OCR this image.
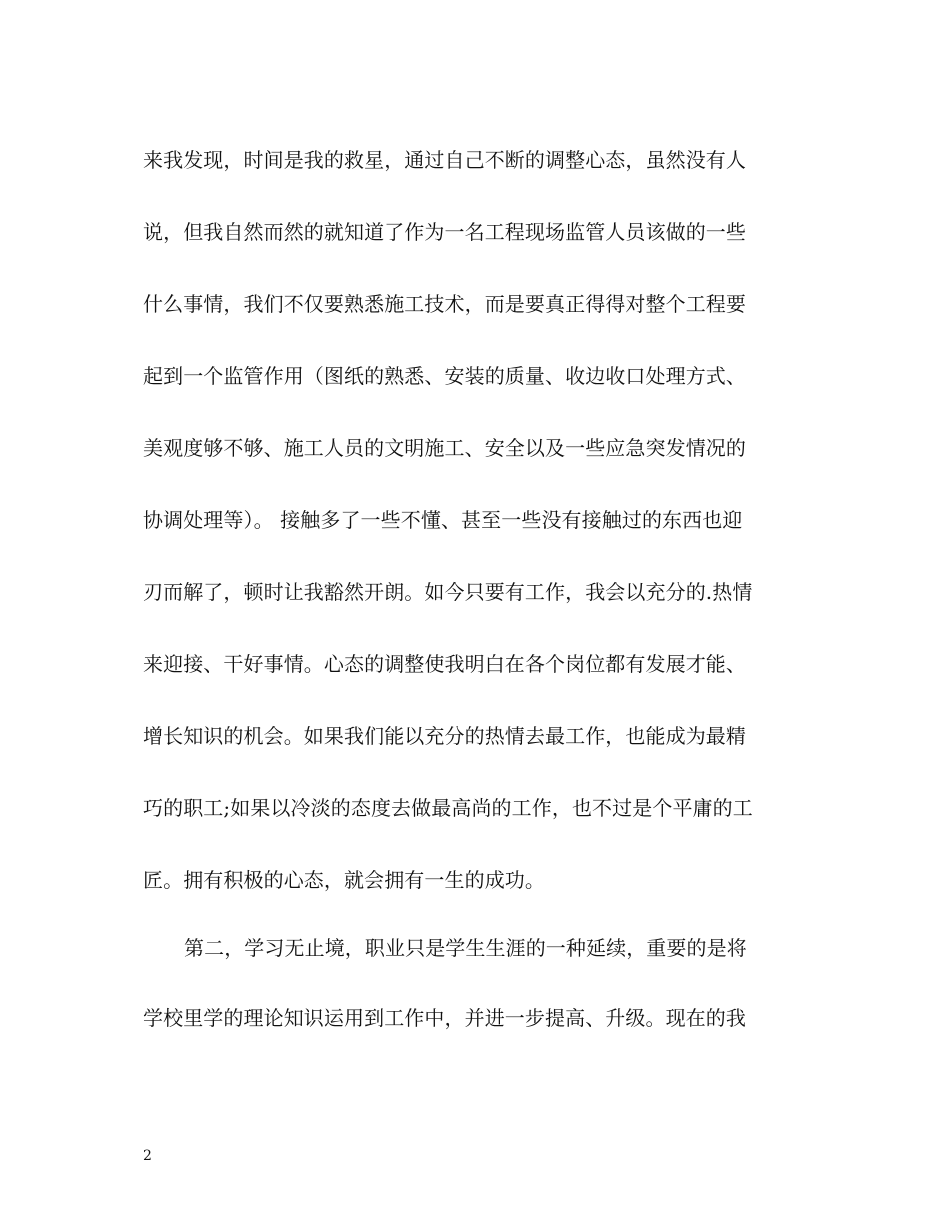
来我发现，时间是我的救星，通过自己不断的调整心态，虽然没有人
说，但我自然而然的就知道了作为一名工程现场监管人员该做的一些
什么事情，我们不仅要熟悉施工技术，而是要真正得得对整个工程要
起到一个监管作用（图纸的熟悉、安装的质量、收边收口处理方式、
美观度够不够、施工人员的文明施工、安全以及一些应急突发情况的
协调处理等）。 接触多了一些不懂、甚至一些没有接触过的东西也迎
刃而解了，顿时让我豁然开朗。如今只要有工作，我会以充分的.热情
来迎接、干好事情。心态的调整使我明白在各个岗位都有发展才能、
增长知识的机会。如果我们能以充分的热情去最工作，也能成为最精
巧的职工;如果以冷淡的态度去做最高尚的工作，也不过是个平庸的工
匠。拥有积极的心态，就会拥有一生的成功。
第二，学习无止境，职业只是学生生涯的一种延续，重要的是将
学校里学的理论知识运用到工作中，并进一步提高、升级。现在的我
2
